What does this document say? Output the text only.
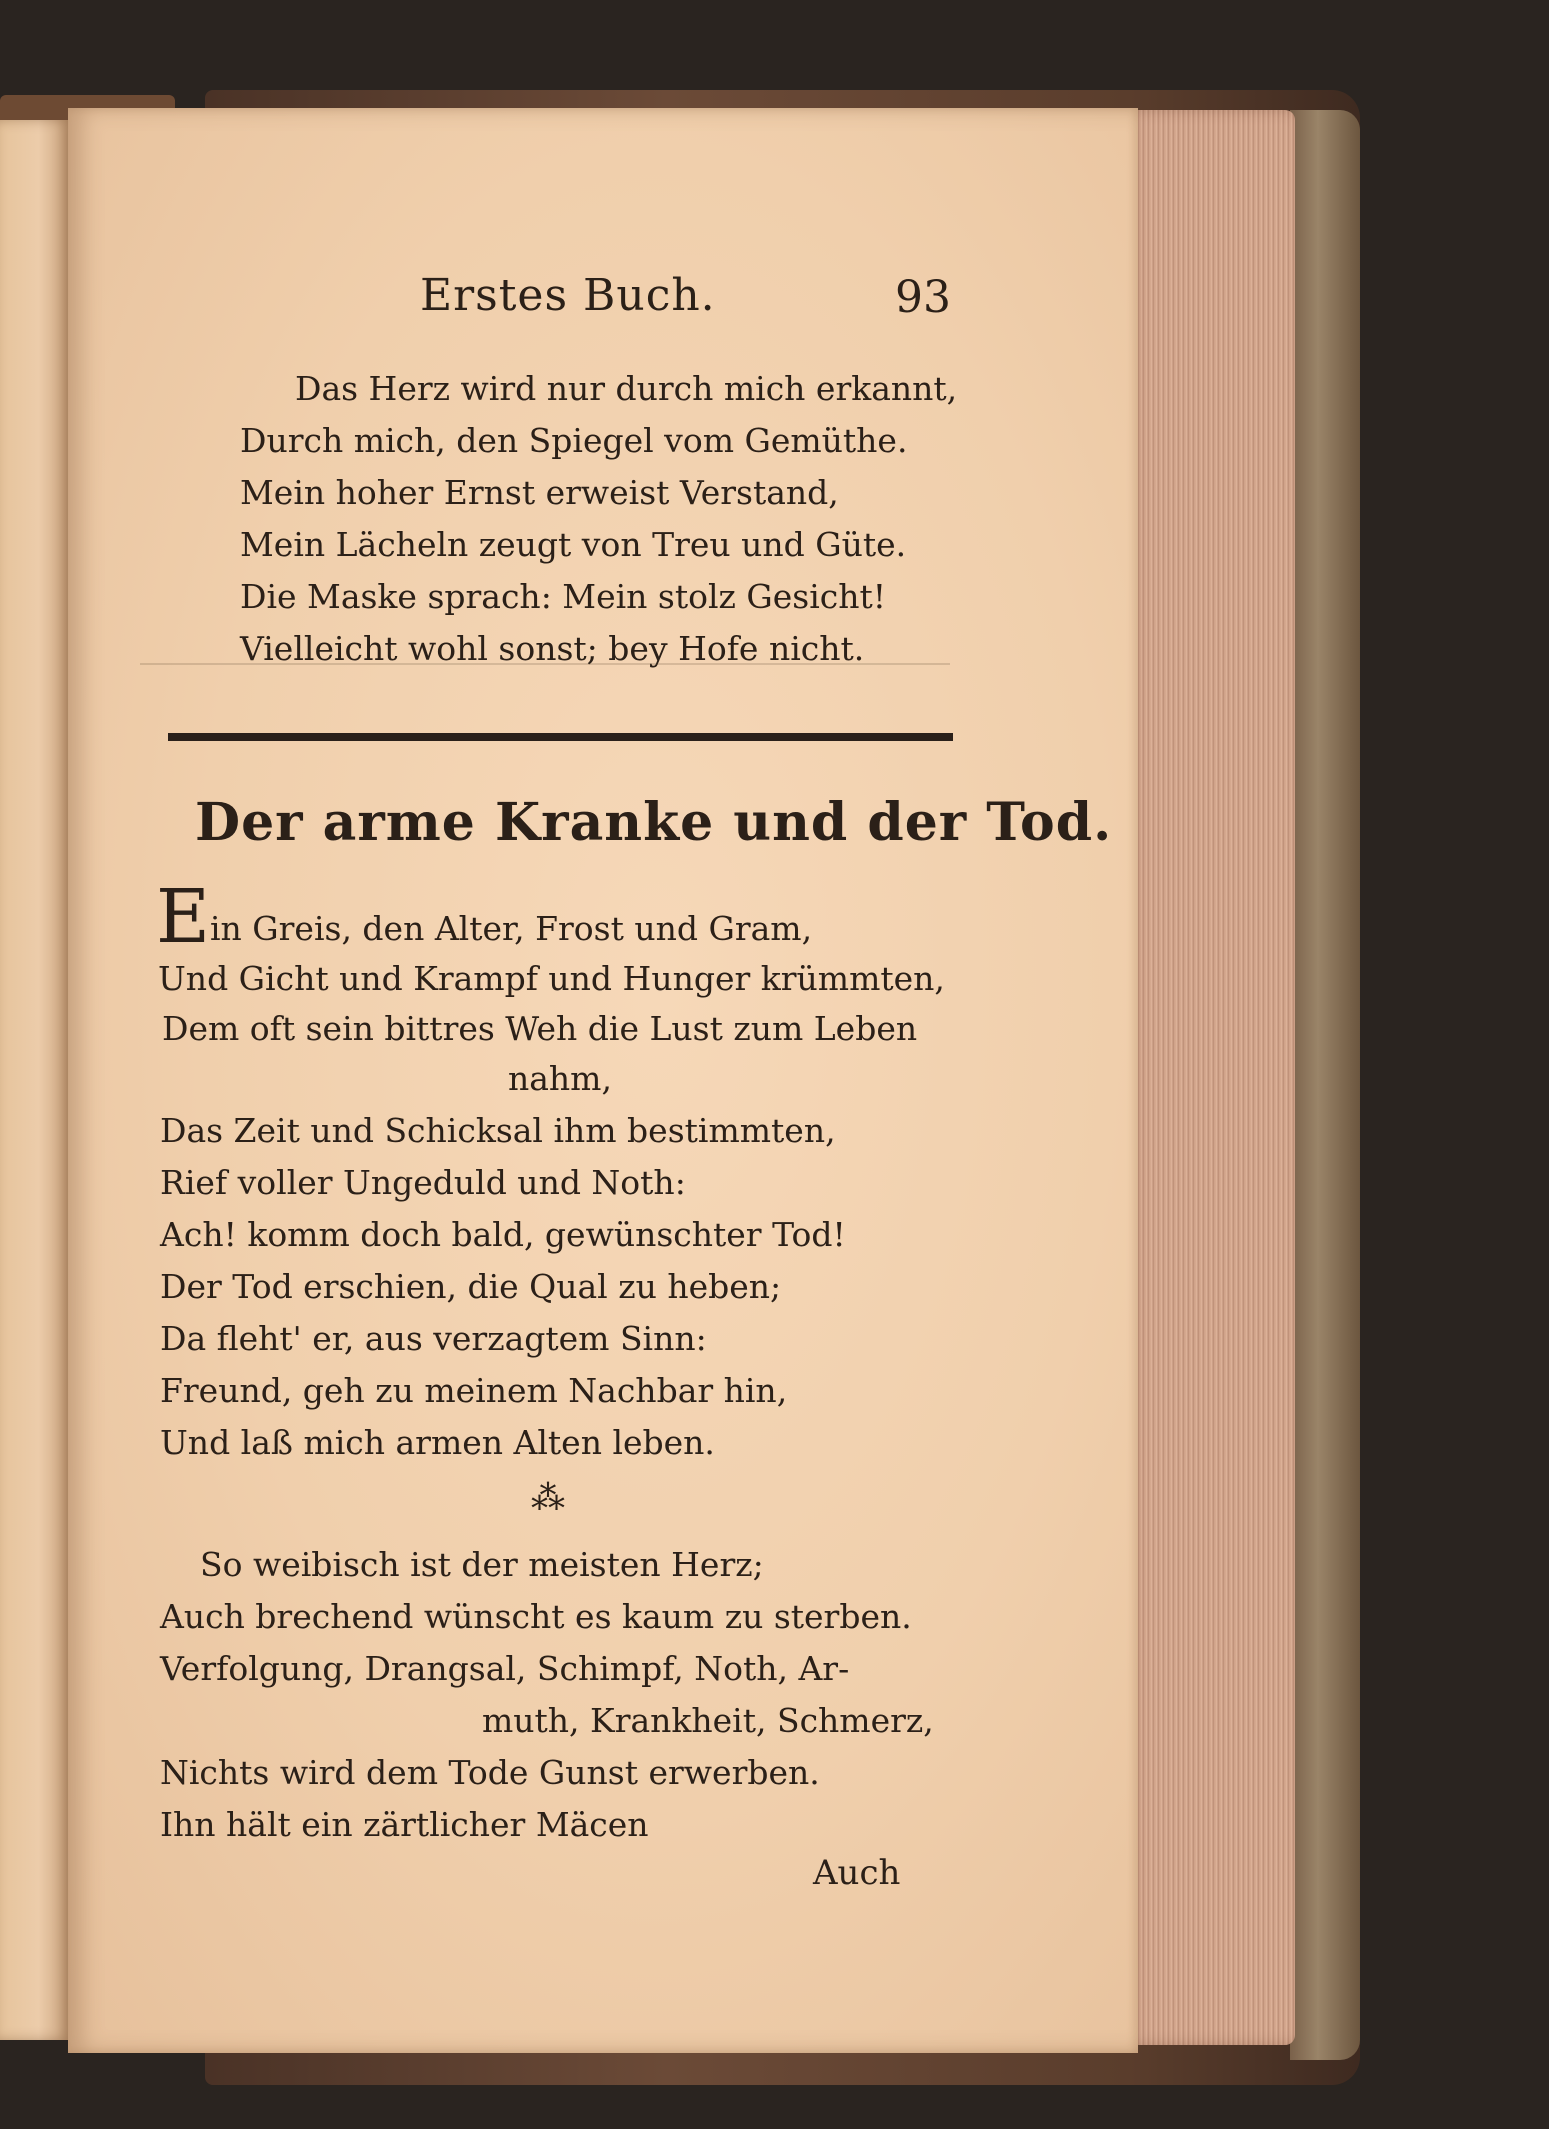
Erstes Buch.	93
Das Herz wird nur durch mich erkannt,
Durch mich, den Spiegel vom Gemüthe.
Mein hoher Ernst erweist Verstand,
Mein Lächeln zeugt von Treu und Güte.
Die Maske sprach: Mein stolz Gesicht!
Vielleicht wohl sonst; bey Hofe nicht.
Der arme Kranke und der Tod.
E in Greis, den Alter, Frost und Gram,
Und Gicht und Krampf und Hunger krümmten,
Dem oft sein bittres Weh die Lust zum Leben
nahm,
Das Zeit und Schicksal ihm bestimmten,
Rief voller Ungeduld und Noth:
Ach! komm doch bald, gewünschter Tod!
Der Tod erschien, die Qual zu heben;
Da fleht' er, aus verzagtem Sinn:
Freund, geh zu meinem Nachbar hin,
Und laß mich armen Alten leben.
⁂
So weibisch ist der meisten Herz;
Auch brechend wünscht es kaum zu sterben.
Verfolgung, Drangsal, Schimpf, Noth, Ar-
muth, Krankheit, Schmerz,
Nichts wird dem Tode Gunst erwerben.
Ihn hält ein zärtlicher Mäcen
Auch
